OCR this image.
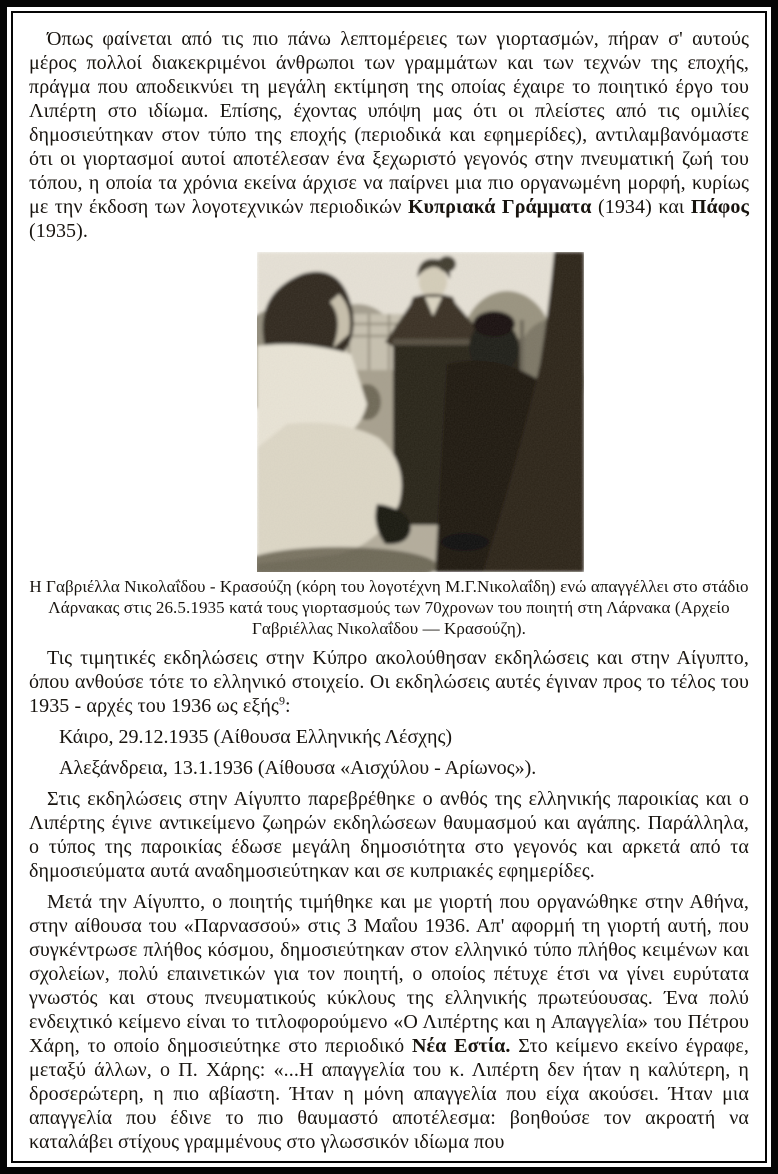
Όπως φαίνεται από τις πιο πάνω λεπτομέρειες των γιορτασμών, πήραν σ' αυτούς μέρος πολλοί διακεκριμένοι άνθρωποι των γραμμάτων και των τεχνών της εποχής, πράγμα που αποδεικνύει τη μεγάλη εκτίμηση της οποίας έχαιρε το ποιητικό έργο του Λιπέρτη στο ιδίωμα. Επίσης, έχοντας υπόψη μας ότι οι πλείστες από τις ομιλίες δημοσιεύτηκαν στον τύπο της εποχής (περιοδικά και εφημερίδες), αντιλαμβανόμαστε ότι οι γιορτασμοί αυτοί αποτέλεσαν ένα ξεχωριστό γεγονός στην πνευματική ζωή του τόπου, η οποία τα χρόνια εκείνα άρχισε να παίρνει μια πιο οργανωμένη μορφή, κυρίως με την έκδοση των λογοτεχνικών περιοδικών Κυπριακά Γράμματα (1934) και Πάφος (1935).

Η Γαβριέλλα Νικολαΐδου - Κρασούζη (κόρη του λογοτέχνη Μ.Γ.Νικολαΐδη) ενώ απαγγέλλει στο στάδιο Λάρνακας στις 26.5.1935 κατά τους γιορτασμούς των 70χρονων του ποιητή στη Λάρνακα (Αρχείο Γαβριέλλας Νικολαΐδου — Κρασούζη).

Τις τιμητικές εκδηλώσεις στην Κύπρο ακολούθησαν εκδηλώσεις και στην Αίγυπτο, όπου ανθούσε τότε το ελληνικό στοιχείο. Οι εκδηλώσεις αυτές έγιναν προς το τέλος του 1935 - αρχές του 1936 ως εξής$^9$:

Κάιρο, 29.12.1935 (Αίθουσα Ελληνικής Λέσχης)

Αλεξάνδρεια, 13.1.1936 (Αίθουσα «Αισχύλου - Αρίωνος»).

Στις εκδηλώσεις στην Αίγυπτο παρεβρέθηκε ο ανθός της ελληνικής παροικίας και ο Λιπέρτης έγινε αντικείμενο ζωηρών εκδηλώσεων θαυμασμού και αγάπης. Παράλληλα, ο τύπος της παροικίας έδωσε μεγάλη δημοσιότητα στο γεγονός και αρκετά από τα δημοσιεύματα αυτά αναδημοσιεύτηκαν και σε κυπριακές εφημερίδες.

Μετά την Αίγυπτο, ο ποιητής τιμήθηκε και με γιορτή που οργανώθηκε στην Αθήνα, στην αίθουσα του «Παρνασσού» στις 3 Μαΐου 1936. Απ' αφορμή τη γιορτή αυτή, που συγκέντρωσε πλήθος κόσμου, δημοσιεύτηκαν στον ελληνικό τύπο πλήθος κειμένων και σχολείων, πολύ επαινετικών για τον ποιητή, ο οποίος πέτυχε έτσι να γίνει ευρύτατα γνωστός και στους πνευματικούς κύκλους της ελληνικής πρωτεύουσας. Ένα πολύ ενδειχτικό κείμενο είναι το τιτλοφορούμενο «Ο Λιπέρτης και η Απαγγελία» του Πέτρου Χάρη, το οποίο δημοσιεύτηκε στο περιοδικό Νέα Εστία. Στο κείμενο εκείνο έγραφε, μεταξύ άλλων, ο Π. Χάρης: «...Η απαγγελία του κ. Λιπέρτη δεν ήταν η καλύτερη, η δροσερώτερη, η πιο αβίαστη. Ήταν η μόνη απαγγελία που είχα ακούσει. Ήταν μια απαγγελία που έδινε το πιο θαυμαστό αποτέλεσμα: βοηθούσε τον ακροατή να καταλάβει στίχους γραμμένους στο γλωσσικόν ιδίωμα που
